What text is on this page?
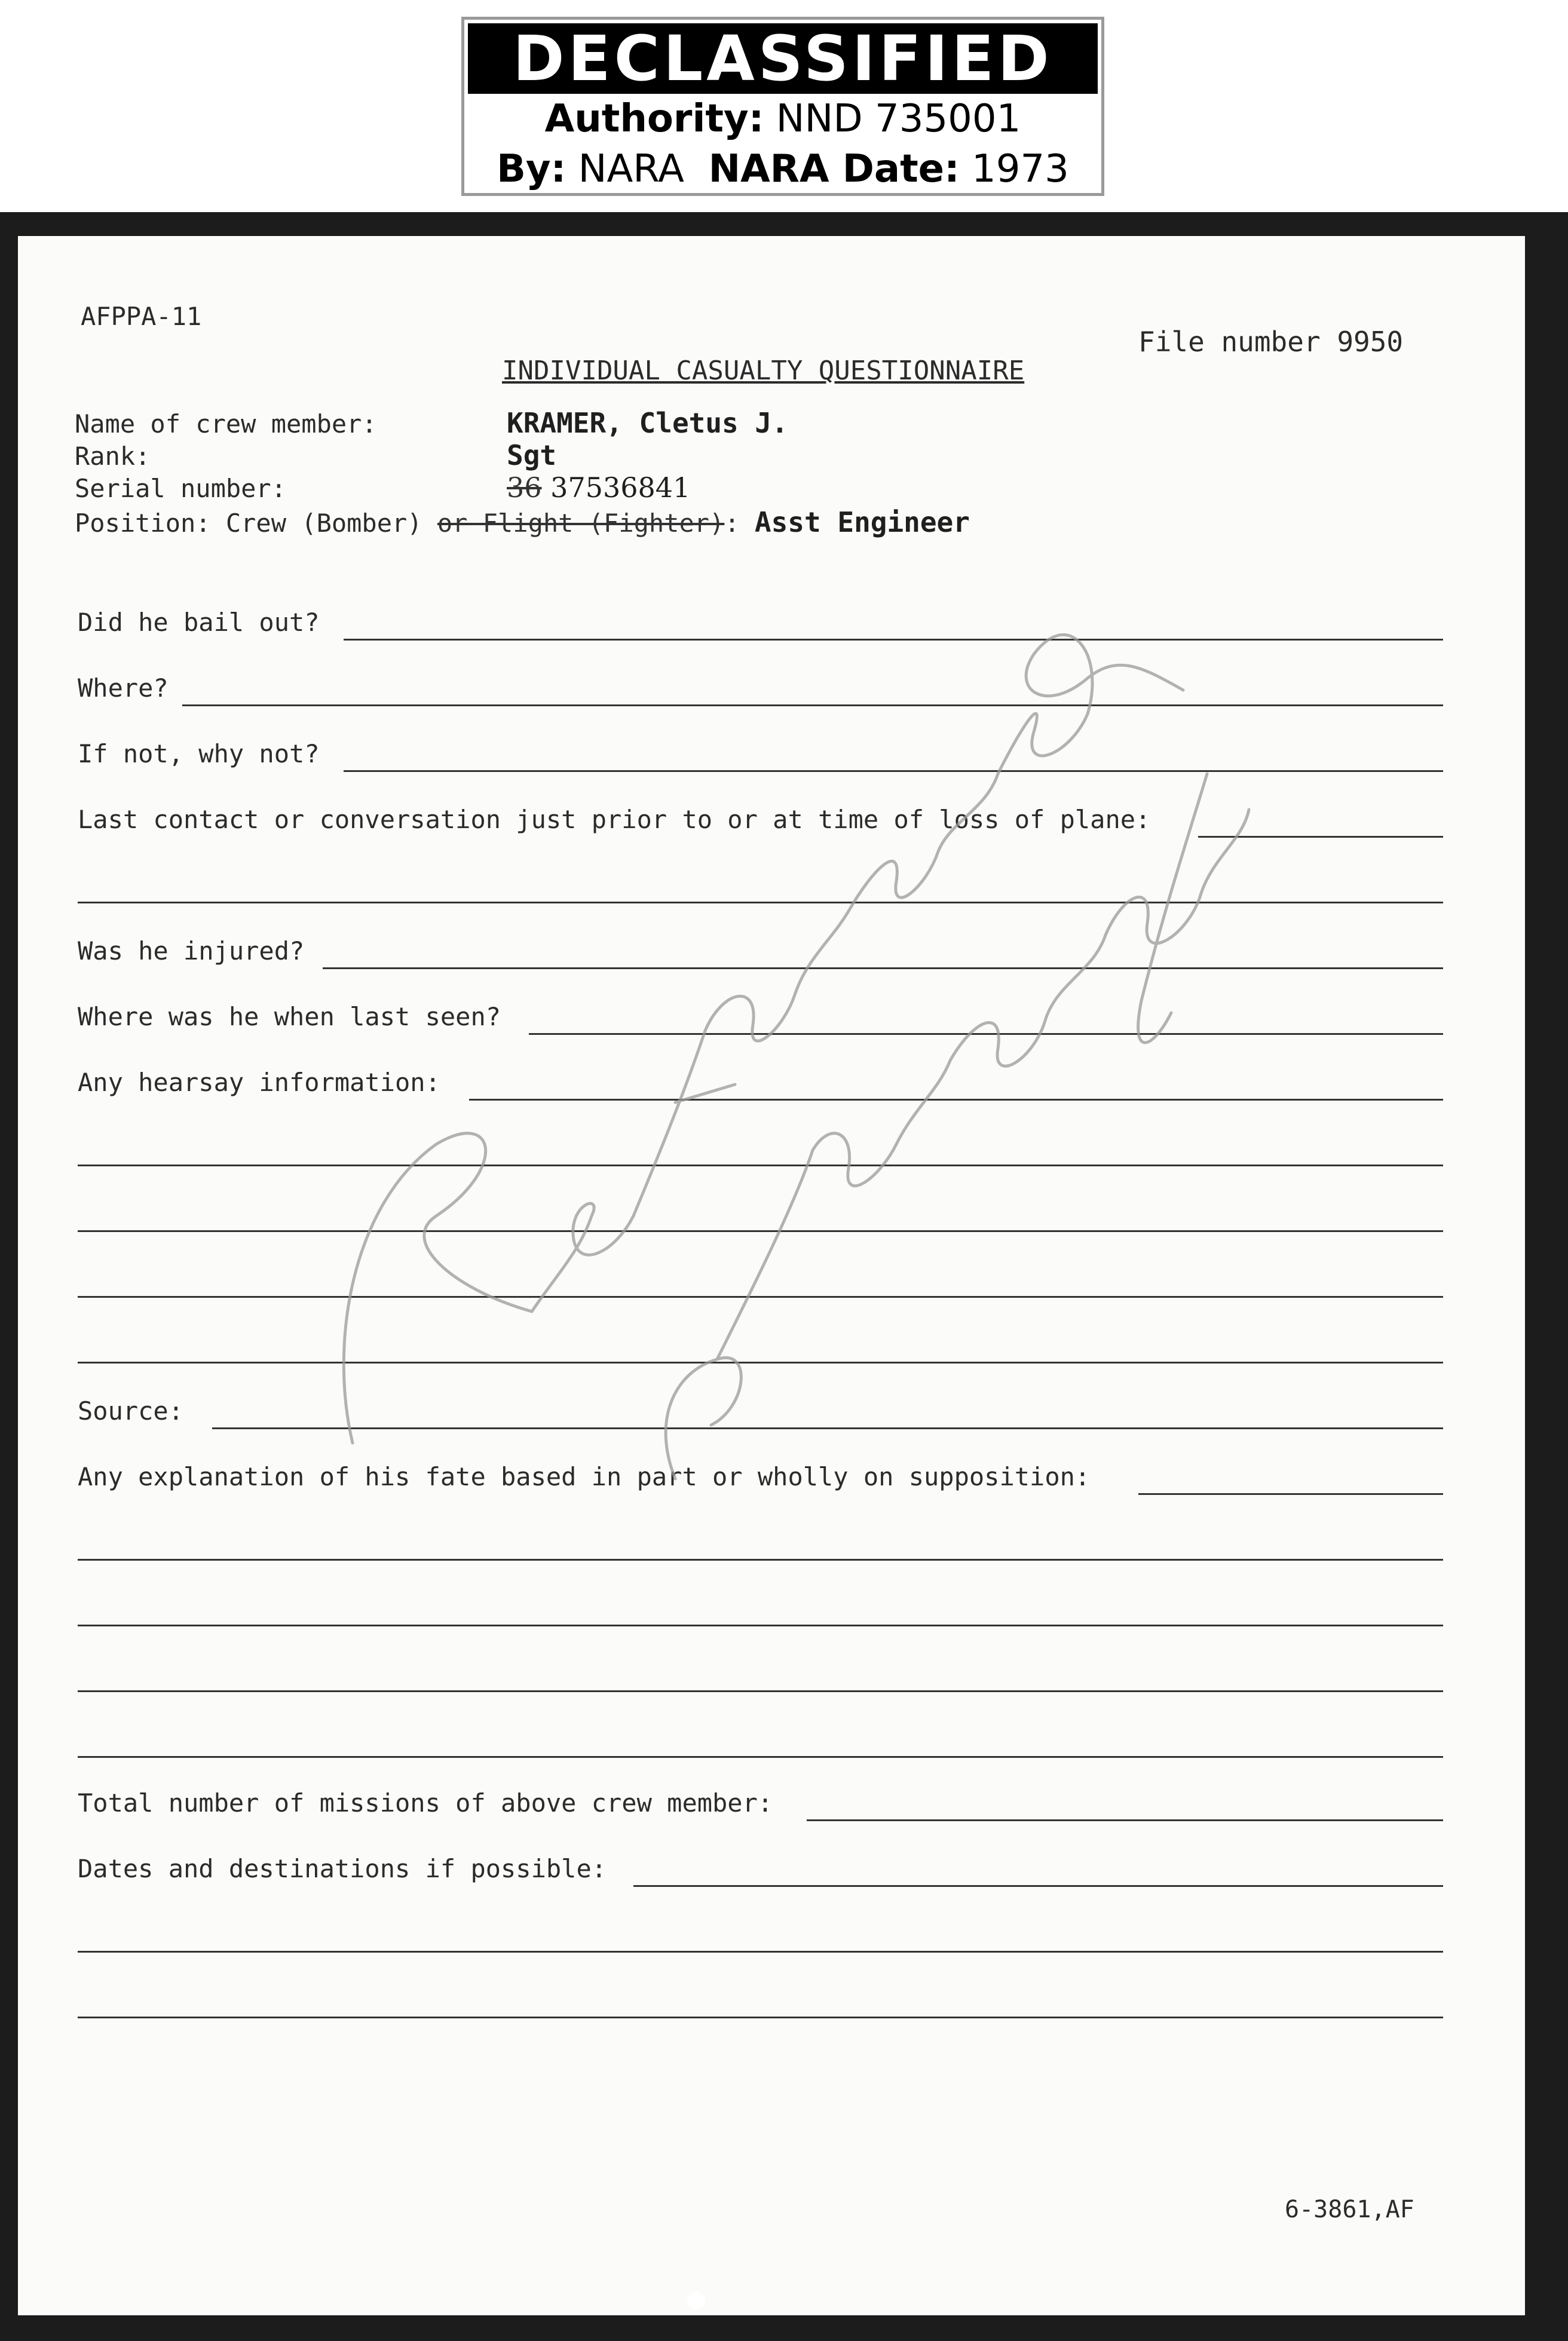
DECLASSIFIED
Authority: NND 735001
By: NARA NARA Date: 1973
AFPPA-11
File number 9950
INDIVIDUAL CASUALTY QUESTIONNAIRE
Name of crew member:	KRAMER, Cletus J.
Rank:	Sgt
Serial number:	36 37536841
Position: Crew (Bomber) or Flight (Fighter): Asst Engineer
Did he bail out?
Where?
If not, why not?
Last contact or conversation just prior to or at time of loss of plane:
Was he injured?
Where was he when last seen?
Any hearsay information:
Source:
Any explanation of his fate based in part or wholly on supposition:
Total number of missions of above crew member:
Dates and destinations if possible:
6-3861,AF
